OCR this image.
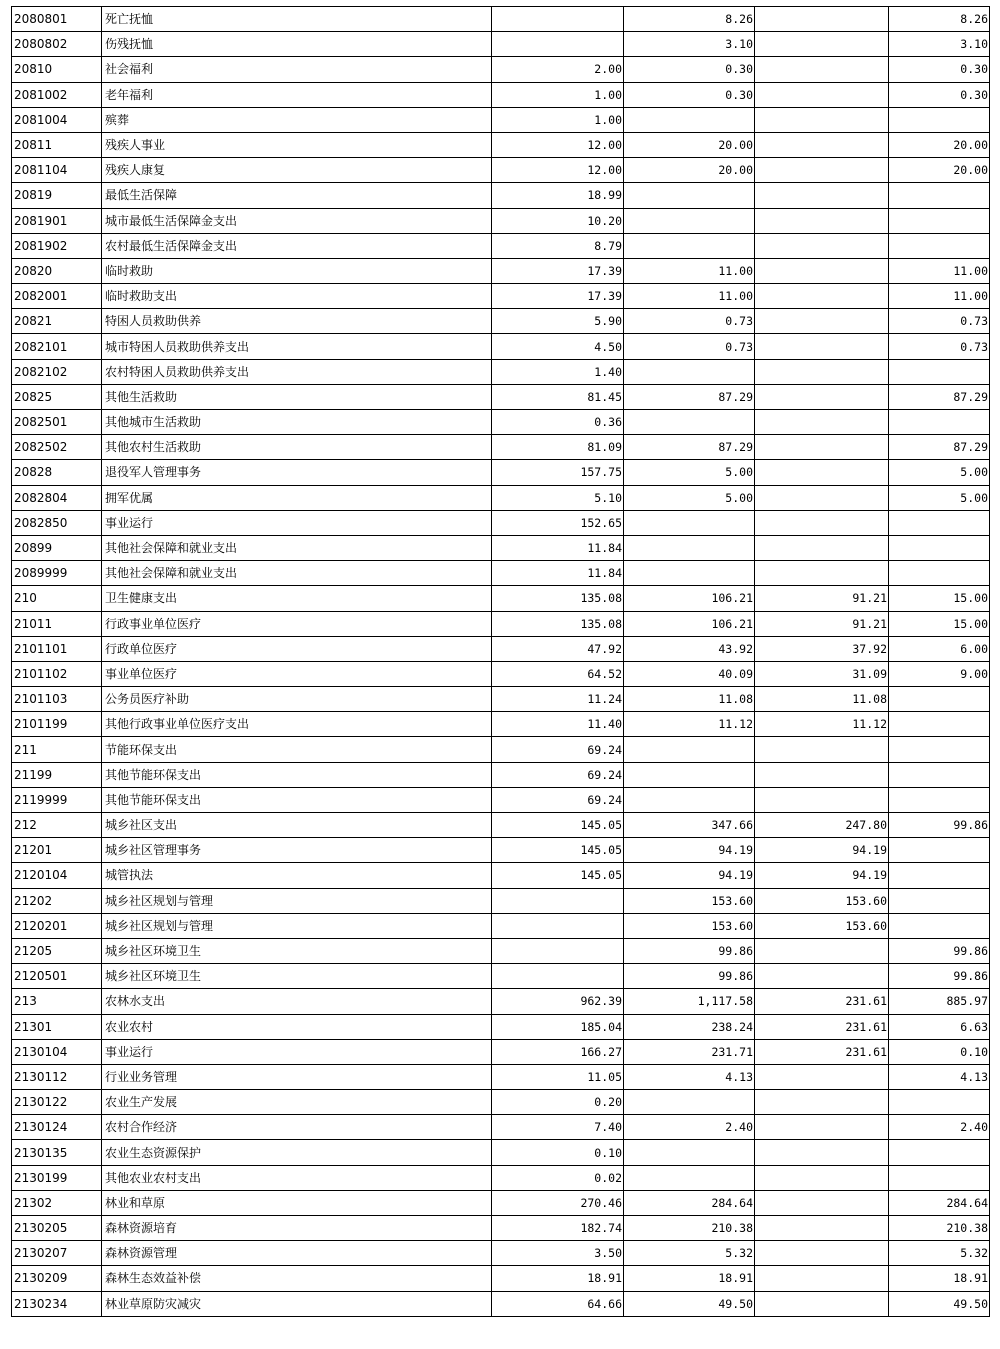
2080801	死亡抚恤		8.26		8.26
2080802	伤残抚恤		3.10		3.10
20810	社会福利	2.00	0.30		0.30
2081002	老年福利	1.00	0.30		0.30
2081004	殡葬	1.00			
20811	残疾人事业	12.00	20.00		20.00
2081104	残疾人康复	12.00	20.00		20.00
20819	最低生活保障	18.99			
2081901	城市最低生活保障金支出	10.20			
2081902	农村最低生活保障金支出	8.79			
20820	临时救助	17.39	11.00		11.00
2082001	临时救助支出	17.39	11.00		11.00
20821	特困人员救助供养	5.90	0.73		0.73
2082101	城市特困人员救助供养支出	4.50	0.73		0.73
2082102	农村特困人员救助供养支出	1.40			
20825	其他生活救助	81.45	87.29		87.29
2082501	其他城市生活救助	0.36			
2082502	其他农村生活救助	81.09	87.29		87.29
20828	退役军人管理事务	157.75	5.00		5.00
2082804	拥军优属	5.10	5.00		5.00
2082850	事业运行	152.65			
20899	其他社会保障和就业支出	11.84			
2089999	其他社会保障和就业支出	11.84			
210	卫生健康支出	135.08	106.21	91.21	15.00
21011	行政事业单位医疗	135.08	106.21	91.21	15.00
2101101	行政单位医疗	47.92	43.92	37.92	6.00
2101102	事业单位医疗	64.52	40.09	31.09	9.00
2101103	公务员医疗补助	11.24	11.08	11.08	
2101199	其他行政事业单位医疗支出	11.40	11.12	11.12	
211	节能环保支出	69.24			
21199	其他节能环保支出	69.24			
2119999	其他节能环保支出	69.24			
212	城乡社区支出	145.05	347.66	247.80	99.86
21201	城乡社区管理事务	145.05	94.19	94.19	
2120104	城管执法	145.05	94.19	94.19	
21202	城乡社区规划与管理		153.60	153.60	
2120201	城乡社区规划与管理		153.60	153.60	
21205	城乡社区环境卫生		99.86		99.86
2120501	城乡社区环境卫生		99.86		99.86
213	农林水支出	962.39	1,117.58	231.61	885.97
21301	农业农村	185.04	238.24	231.61	6.63
2130104	事业运行	166.27	231.71	231.61	0.10
2130112	行业业务管理	11.05	4.13		4.13
2130122	农业生产发展	0.20			
2130124	农村合作经济	7.40	2.40		2.40
2130135	农业生态资源保护	0.10			
2130199	其他农业农村支出	0.02			
21302	林业和草原	270.46	284.64		284.64
2130205	森林资源培育	182.74	210.38		210.38
2130207	森林资源管理	3.50	5.32		5.32
2130209	森林生态效益补偿	18.91	18.91		18.91
2130234	林业草原防灾减灾	64.66	49.50		49.50
